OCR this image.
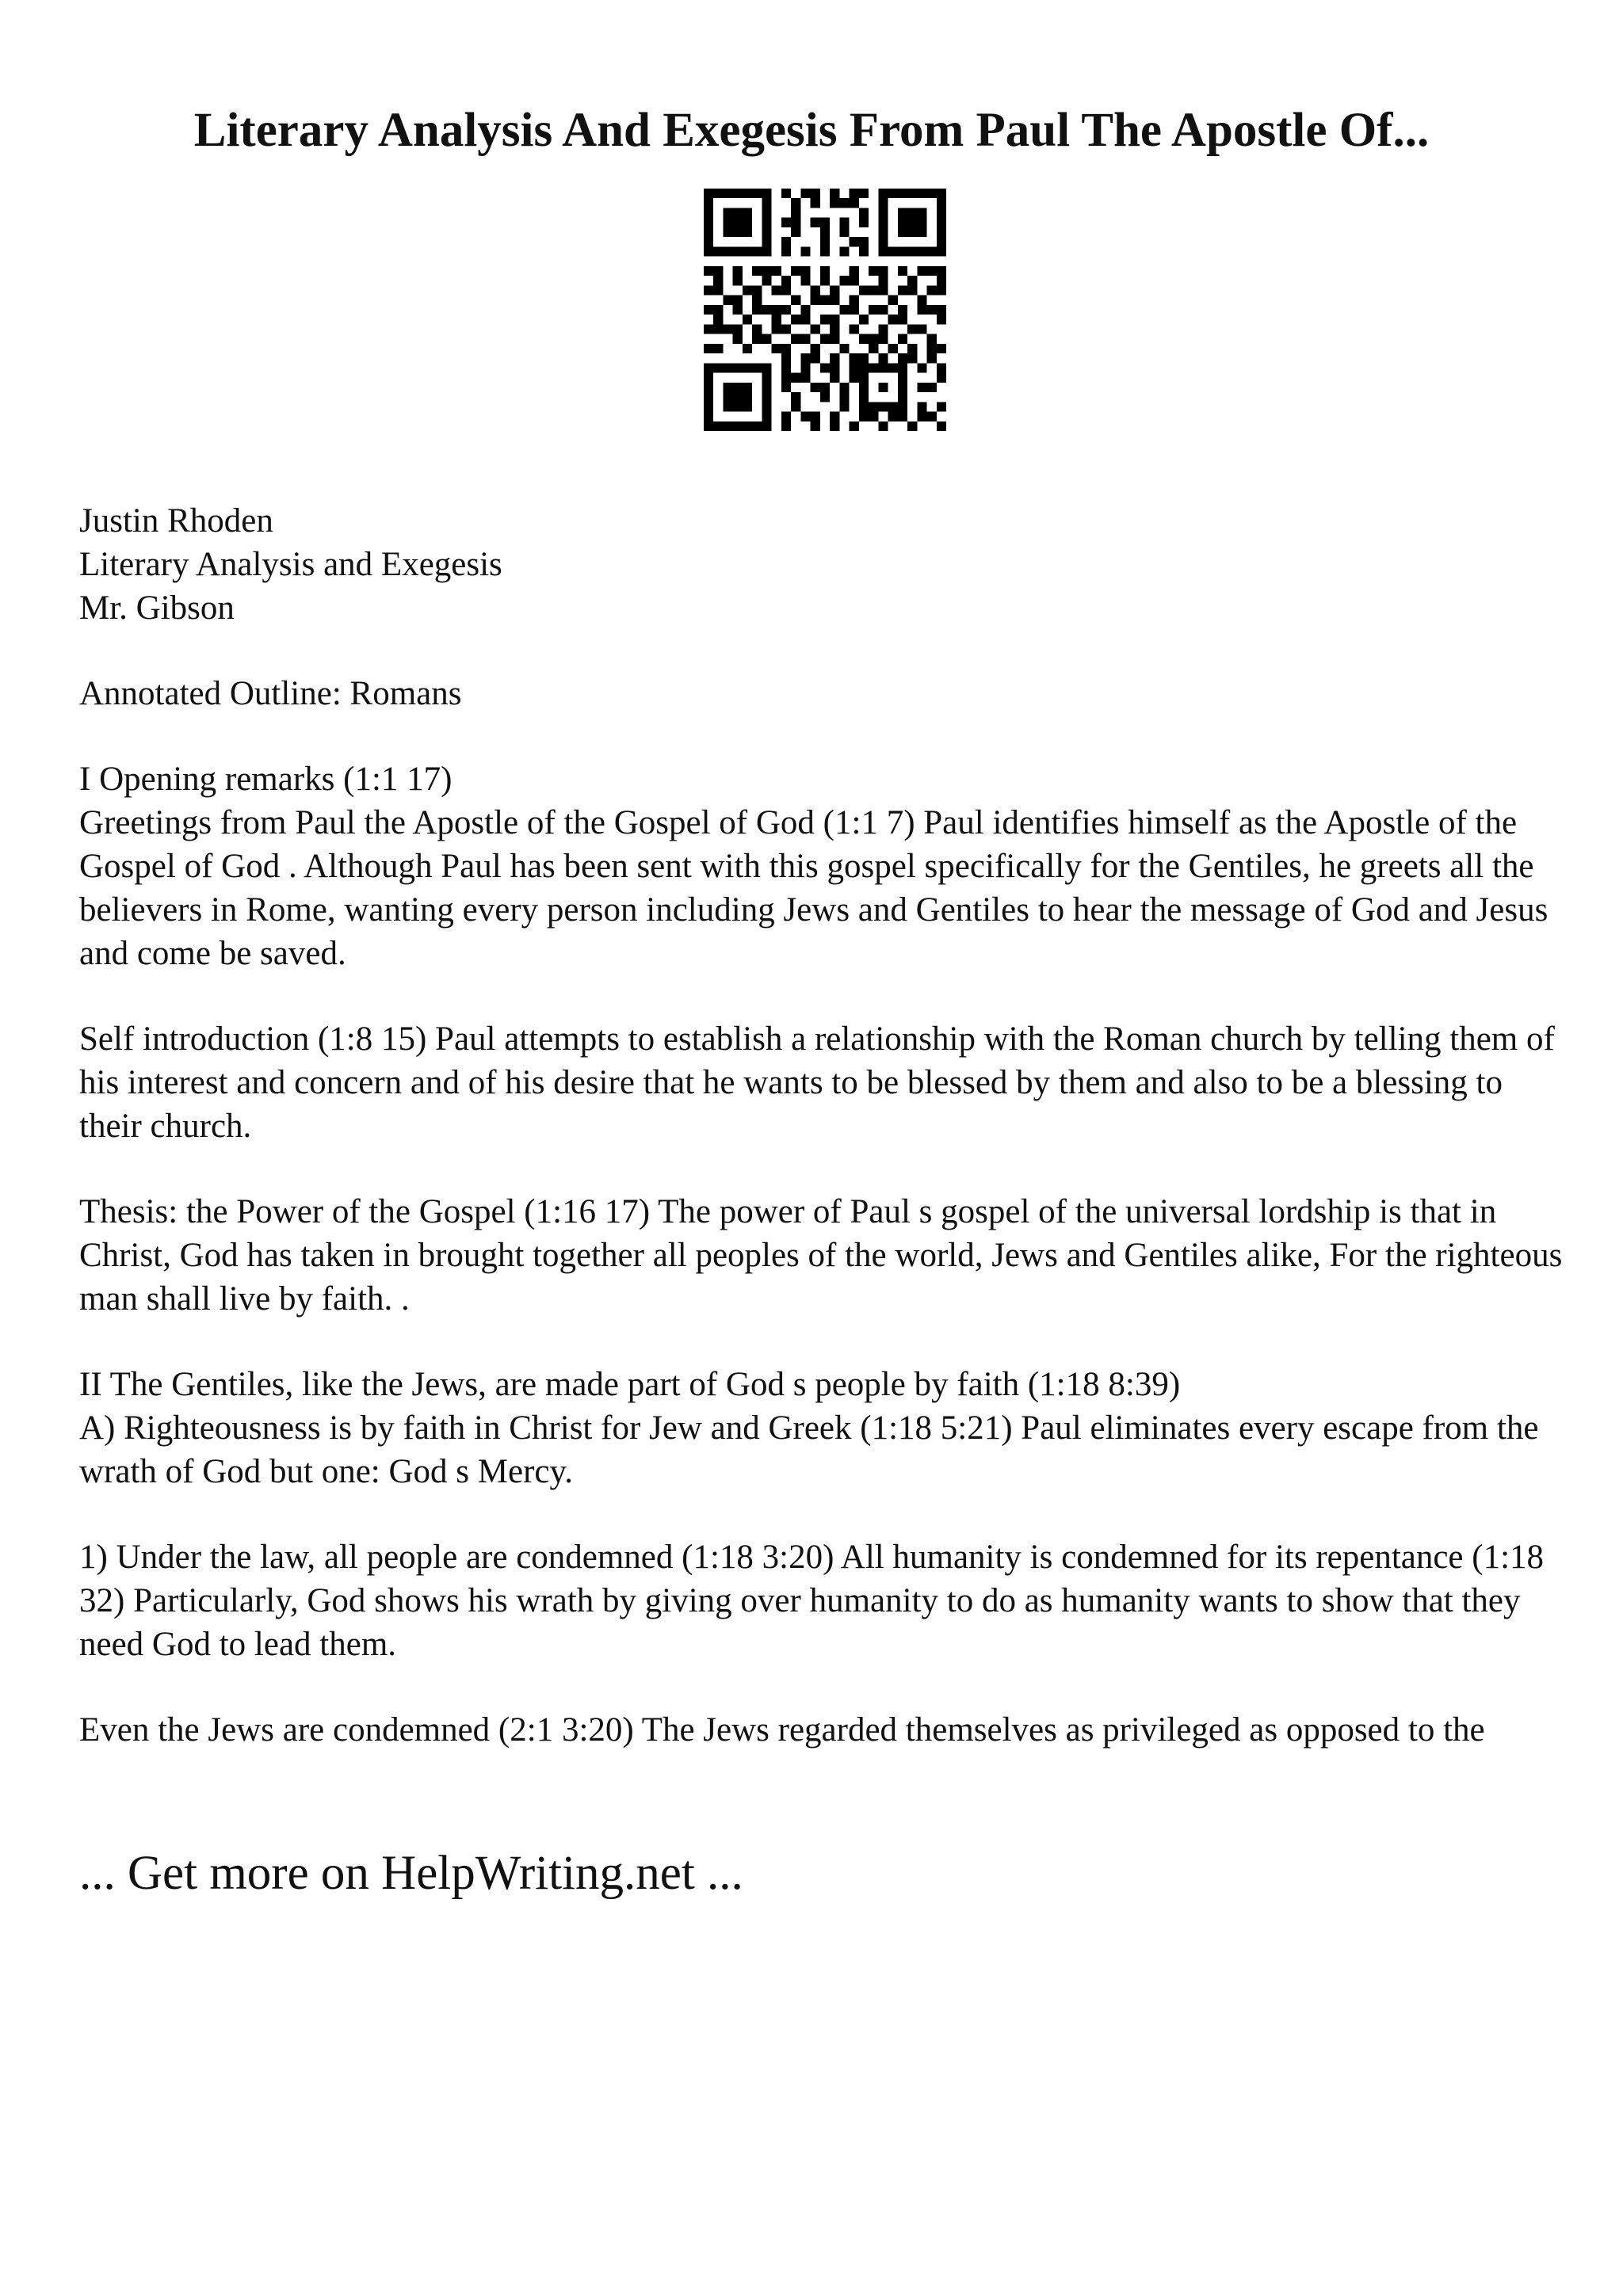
Literary Analysis And Exegesis From Paul The Apostle Of...

Justin Rhoden

Literary Analysis and Exegesis

Mr. Gibson

Annotated Outline: Romans

I Opening remarks (1:1 17)

Greetings from Paul the Apostle of the Gospel of God (1:1 7) Paul identifies himself as the Apostle of the Gospel of God . Although Paul has been sent with this gospel specifically for the Gentiles, he greets all the believers in Rome, wanting every person including Jews and Gentiles to hear the message of God and Jesus and come be saved.

Self introduction (1:8 15) Paul attempts to establish a relationship with the Roman church by telling them of his interest and concern and of his desire that he wants to be blessed by them and also to be a blessing to their church.

Thesis: the Power of the Gospel (1:16 17) The power of Paul s gospel of the universal lordship is that in Christ, God has taken in brought together all peoples of the world, Jews and Gentiles alike, For the righteous man shall live by faith. .

II The Gentiles, like the Jews, are made part of God s people by faith (1:18 8:39)

A) Righteousness is by faith in Christ for Jew and Greek (1:18 5:21) Paul eliminates every escape from the wrath of God but one: God s Mercy.

1) Under the law, all people are condemned (1:18 3:20) All humanity is condemned for its repentance (1:18 32) Particularly, God shows his wrath by giving over humanity to do as humanity wants to show that they need God to lead them.

Even the Jews are condemned (2:1 3:20) The Jews regarded themselves as privileged as opposed to the

... Get more on HelpWriting.net ...
